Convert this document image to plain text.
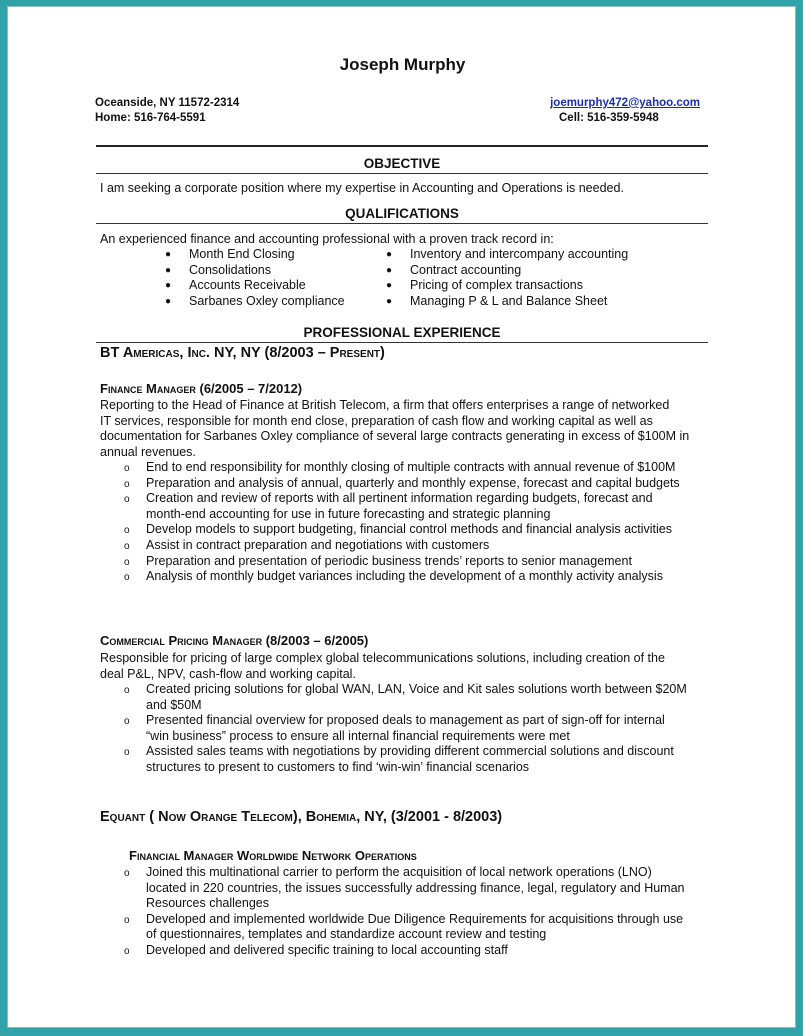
Joseph Murphy
Oceanside, NY 11572-2314
Home: 516-764-5591
joemurphy472@yahoo.com
Cell: 516-359-5948
OBJECTIVE
I am seeking a corporate position where my expertise in Accounting and Operations is needed.
QUALIFICATIONS
An experienced finance and accounting professional with a proven track record in:
● Month End Closing
● Consolidations
● Accounts Receivable
● Sarbanes Oxley compliance
● Inventory and intercompany accounting
● Contract accounting
● Pricing of complex transactions
● Managing P & L and Balance Sheet
PROFESSIONAL EXPERIENCE
BT Americas, Inc. NY, NY (8/2003 – Present)
Finance Manager (6/2005 – 7/2012)
Reporting to the Head of Finance at British Telecom, a firm that offers enterprises a range of networked
IT services, responsible for month end close, preparation of cash flow and working capital as well as
documentation for Sarbanes Oxley compliance of several large contracts generating in excess of $100M in
annual revenues.
o End to end responsibility for monthly closing of multiple contracts with annual revenue of $100M
o Preparation and analysis of annual, quarterly and monthly expense, forecast and capital budgets
o Creation and review of reports with all pertinent information regarding budgets, forecast and
month-end accounting for use in future forecasting and strategic planning
o Develop models to support budgeting, financial control methods and financial analysis activities
o Assist in contract preparation and negotiations with customers
o Preparation and presentation of periodic business trends’ reports to senior management
o Analysis of monthly budget variances including the development of a monthly activity analysis
Commercial Pricing Manager (8/2003 – 6/2005)
Responsible for pricing of large complex global telecommunications solutions, including creation of the
deal P&L, NPV, cash-flow and working capital.
o Created pricing solutions for global WAN, LAN, Voice and Kit sales solutions worth between $20M
and $50M
o Presented financial overview for proposed deals to management as part of sign-off for internal
“win business” process to ensure all internal financial requirements were met
o Assisted sales teams with negotiations by providing different commercial solutions and discount
structures to present to customers to find ‘win-win’ financial scenarios
Equant ( Now Orange Telecom), Bohemia, NY, (3/2001 - 8/2003)
Financial Manager Worldwide Network Operations
o Joined this multinational carrier to perform the acquisition of local network operations (LNO)
located in 220 countries, the issues successfully addressing finance, legal, regulatory and Human
Resources challenges
o Developed and implemented worldwide Due Diligence Requirements for acquisitions through use
of questionnaires, templates and standardize account review and testing
o Developed and delivered specific training to local accounting staff
